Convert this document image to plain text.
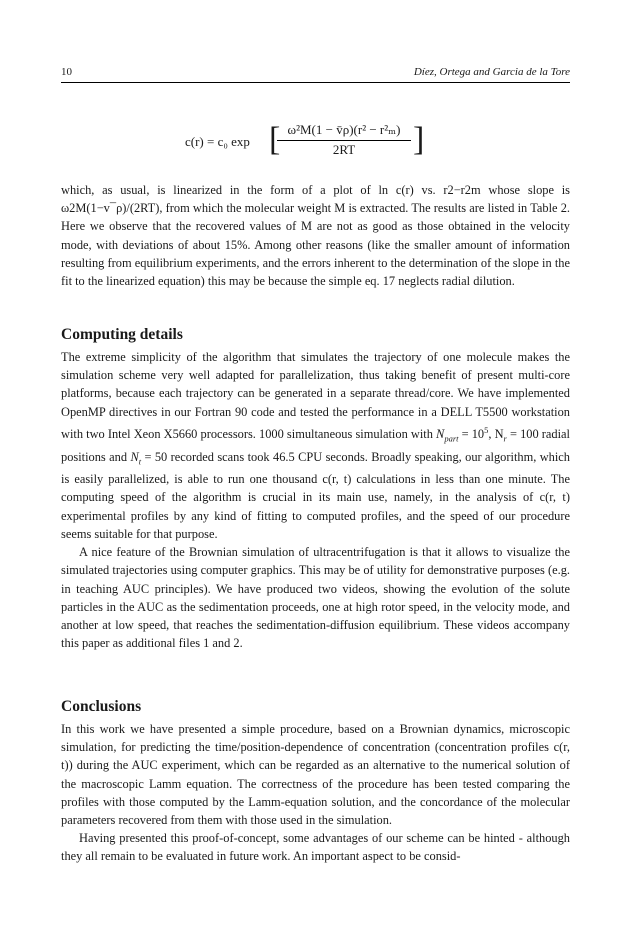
10	Díez, Ortega and Garcia de la Tore
c(r) = c₀ exp [ ω²M(1 − v̄ρ)(r² − r²ₘ)
2RT	]

which, as usual, is linearized in the form of a plot of ln c(r) vs. r2−r2m whose slope is ω2M(1−v¯ρ)/(2RT), from which the molecular weight M is extracted. The results are listed in Table 2. Here we observe that the recovered values of M are not as good as those obtained in the velocity mode, with deviations of about 15%. Among other reasons (like the smaller amount of information resulting from equilibrium experiments, and the errors inherent to the determination of the slope in the fit to the linearized equation) this may be because the simple eq. 17 neglects radial dilution.

Computing details

The extreme simplicity of the algorithm that simulates the trajectory of one molecule makes the simulation scheme very well adapted for parallelization, thus taking benefit of present multi-core platforms, because each trajectory can be generated in a separate thread/core. We have implemented OpenMP directives in our Fortran 90 code and tested the performance in a DELL T5500 workstation with two Intel Xeon X5660 processors. 1000 simultaneous simulation with $N_{part} = 10^5$, $N_r = 100$ radial positions and $N_t = 50$ recorded scans took 46.5 CPU seconds. Broadly speaking, our algorithm, which is easily parallelized, is able to run one thousand c(r, t) calculations in less than one minute. The computing speed of the algorithm is crucial in its main use, namely, in the analysis of c(r, t) experimental profiles by any kind of fitting to computed profiles, and the speed of our procedure seems suitable for that purpose.

A nice feature of the Brownian simulation of ultracentrifugation is that it allows to visualize the simulated trajectories using computer graphics. This may be of utility for demonstrative purposes (e.g. in teaching AUC principles). We have produced two videos, showing the evolution of the solute particles in the AUC as the sedimentation proceeds, one at high rotor speed, in the velocity mode, and another at low speed, that reaches the sedimentation-diffusion equilibrium. These videos accompany this paper as additional files 1 and 2.

Conclusions

In this work we have presented a simple procedure, based on a Brownian dynamics, microscopic simulation, for predicting the time/position-dependence of concentration (concentration profiles c(r, t)) during the AUC experiment, which can be regarded as an alternative to the numerical solution of the macroscopic Lamm equation. The correctness of the procedure has been tested comparing the profiles with those computed by the Lamm-equation solution, and the concordance of the molecular parameters recovered from them with those used in the simulation.

Having presented this proof-of-concept, some advantages of our scheme can be hinted - although they all remain to be evaluated in future work. An important aspect to be consid-
